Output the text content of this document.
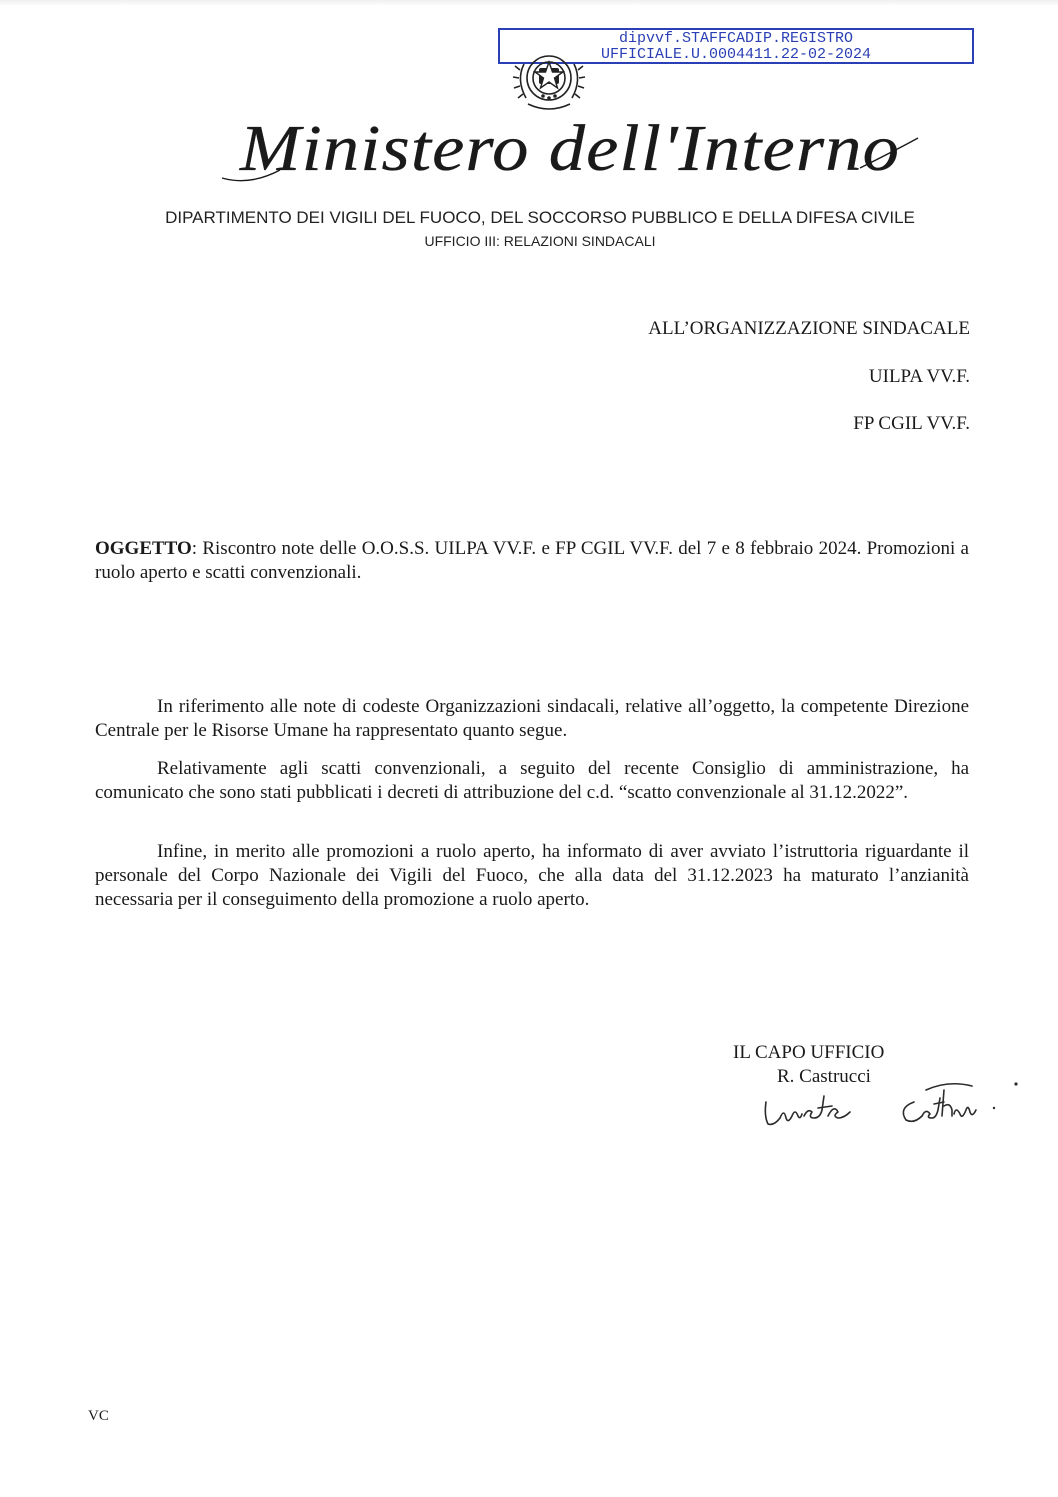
dipvvf.STAFFCADIP.REGISTRO
UFFICIALE.U.0004411.22-02-2024
Ministero dell'Interno
DIPARTIMENTO DEI VIGILI DEL FUOCO, DEL SOCCORSO PUBBLICO E DELLA DIFESA CIVILE
UFFICIO III: RELAZIONI SINDACALI
ALL’ORGANIZZAZIONE SINDACALE
UILPA VV.F.
FP CGIL VV.F.
OGGETTO: Riscontro note delle O.O.S.S. UILPA VV.F. e FP CGIL VV.F. del 7 e 8 febbraio 2024. Promozioni a ruolo aperto e scatti convenzionali.
In riferimento alle note di codeste Organizzazioni sindacali, relative all’oggetto, la competente Direzione Centrale per le Risorse Umane ha rappresentato quanto segue.
Relativamente agli scatti convenzionali, a seguito del recente Consiglio di amministrazione, ha comunicato che sono stati pubblicati i decreti di attribuzione del c.d. “scatto convenzionale al 31.12.2022”.
Infine, in merito alle promozioni a ruolo aperto, ha informato di aver avviato l’istruttoria riguardante il personale del Corpo Nazionale dei Vigili del Fuoco, che alla data del 31.12.2023 ha maturato l’anzianità necessaria per il conseguimento della promozione a ruolo aperto.
IL CAPO UFFICIO
R. Castrucci
VC
